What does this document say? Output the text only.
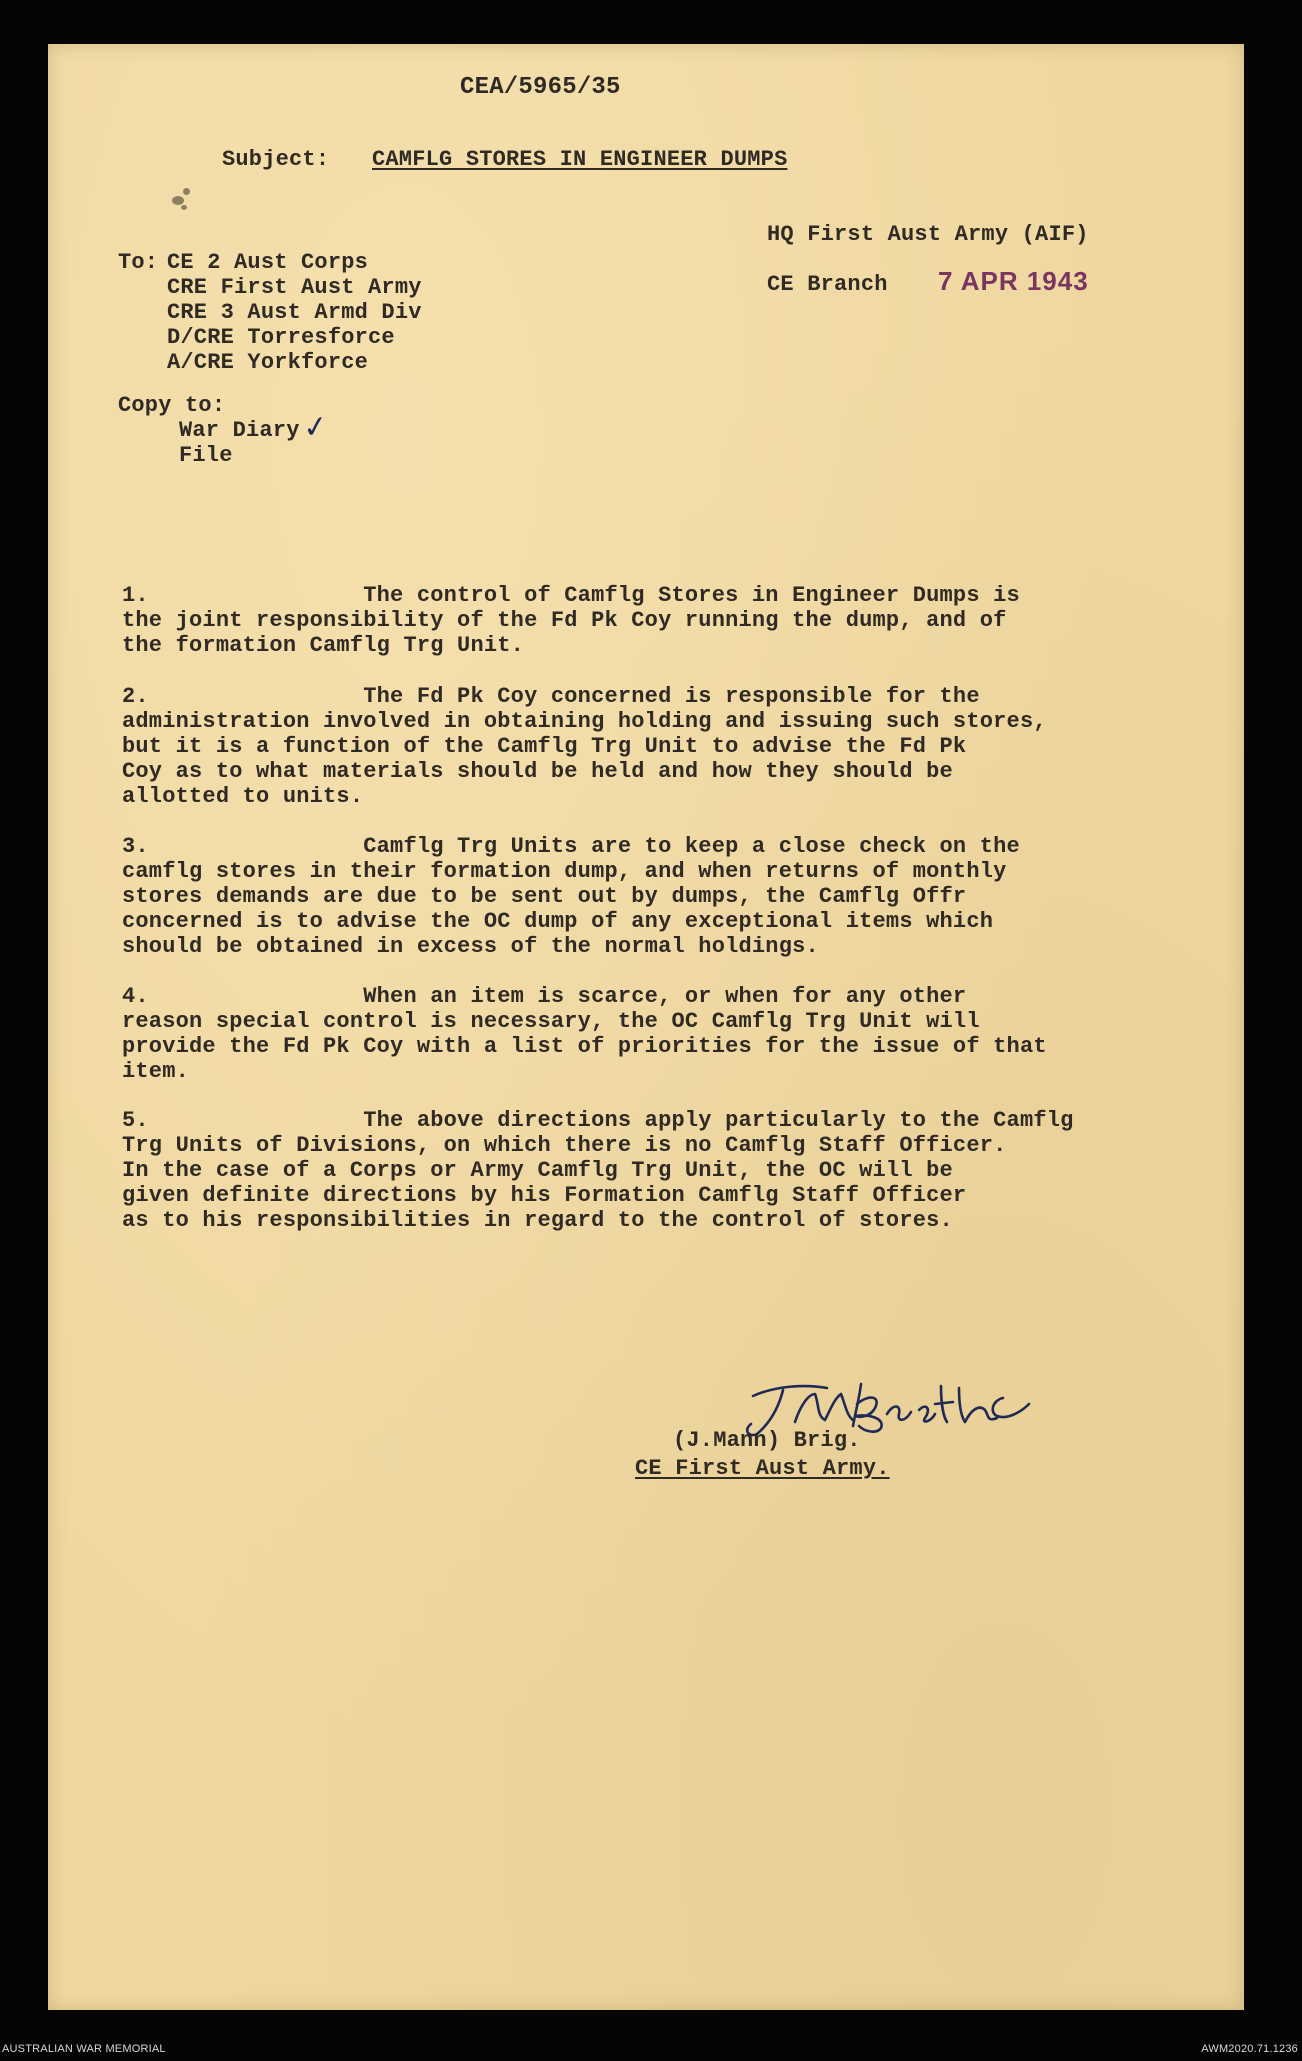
CEA/5965/35
Subject: CAMFLG STORES IN ENGINEER DUMPS
HQ First Aust Army (AIF)
CE Branch 7 APR 1943
To: CE 2 Aust Corps
CRE First Aust Army
CRE 3 Aust Armd Div
D/CRE Torresforce
A/CRE Yorkforce
Copy to:
War Diary
File
✓
1.                The control of Camflg Stores in Engineer Dumps is
the joint responsibility of the Fd Pk Coy running the dump, and of
the formation Camflg Trg Unit.
2.                The Fd Pk Coy concerned is responsible for the
administration involved in obtaining holding and issuing such stores,
but it is a function of the Camflg Trg Unit to advise the Fd Pk
Coy as to what materials should be held and how they should be
allotted to units.
3.                Camflg Trg Units are to keep a close check on the
camflg stores in their formation dump, and when returns of monthly
stores demands are due to be sent out by dumps, the Camflg Offr
concerned is to advise the OC dump of any exceptional items which
should be obtained in excess of the normal holdings.
4.                When an item is scarce, or when for any other
reason special control is necessary, the OC Camflg Trg Unit will
provide the Fd Pk Coy with a list of priorities for the issue of that
item.
5.                The above directions apply particularly to the Camflg
Trg Units of Divisions, on which there is no Camflg Staff Officer.
In the case of a Corps or Army Camflg Trg Unit, the OC will be
given definite directions by his Formation Camflg Staff Officer
as to his responsibilities in regard to the control of stores.
(J.Mann) Brig.
CE First Aust Army.
AUSTRALIAN WAR MEMORIAL	AWM2020.71.1236
